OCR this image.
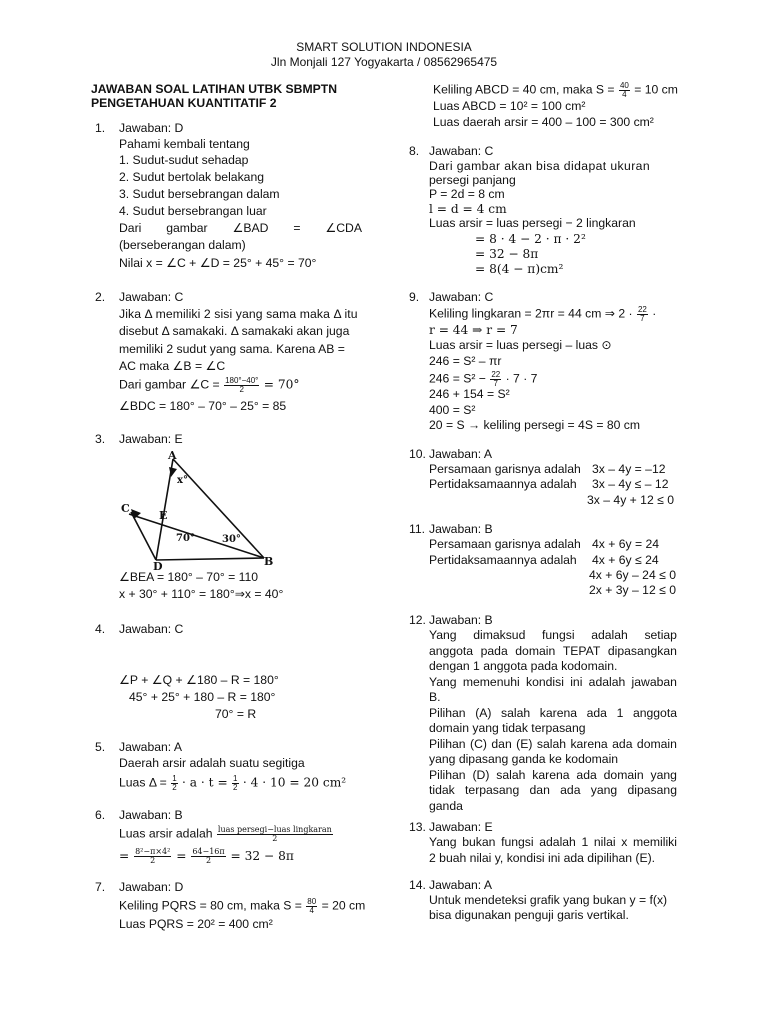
SMART SOLUTION INDONESIA
Jln Monjali 127 Yogyakarta / 08562965475
JAWABAN SOAL LATIHAN UTBK SBMPTN
PENGETAHUAN KUANTITATIF 2
1. Jawaban: D
Pahami kembali tentang
1. Sudut-sudut sehadap
2. Sudut bertolak belakang
3. Sudut bersebrangan dalam
4. Sudut bersebrangan luar
Dari gambar ∠BAD = ∠CDA
(berseberangan dalam)
Nilai x = ∠C + ∠D = 25° + 45° = 70°
2. Jawaban: C
Jika Δ memiliki 2 sisi yang sama maka Δ itu
disebut Δ samakaki. Δ samakaki akan juga
memiliki 2 sudut yang sama. Karena AB =
AC maka ∠B = ∠C
Dari gambar ∠C = $\frac{180^\circ-40^\circ}{2} = 70^\circ$
∠BDC = 180° – 70° – 25° = 85
3. Jawaban: E
A
B
C
D
E
x°
70°	30°
∠BEA = 180° – 70° = 110
x + 30° + 110° = 180°⇒x = 40°
4. Jawaban: C
∠P + ∠Q + ∠180 – R = 180°
45° + 25° + 180 – R = 180°
70° = R
5. Jawaban: A
Daerah arsir adalah suatu segitiga
Luas $\Delta = \frac{1}{2} \cdot a \cdot t = \frac{1}{2} \cdot 4 \cdot 10 = 20$ cm²
6. Jawaban: B
Luas arsir adalah $\frac{\text{luas persegi−luas lingkaran}}{2}$
= $\frac{\text{8²−π×4²}}{2} = \frac{64-16\pi}{2} = 32 - 8\pi$
7. Jawaban: D
Keliling PQRS = 80 cm, maka $S = \frac{80}{4} = 20$ cm
Luas PQRS = 20² = 400 cm²
Keliling ABCD = 40 cm, maka $S = \frac{40}{4} = 10$ cm
Luas ABCD = 10² = 100 cm²
Luas daerah arsir = 400 – 100 = 300 cm²
8. Jawaban: C
Dari gambar akan bisa didapat ukuran
persegi panjang
P = 2d = 8 cm
l = d = 4 cm
Luas arsir = luas persegi − 2 lingkaran
= 8 · 4 − 2 · π · 2²
= 32 − 8π
= 8(4 − π)cm²
9. Jawaban: C
Keliling lingkaran = 2πr = 44 cm ⇒ $2 \cdot \frac{22}{7}$ ·
r = 44 ⇒ r = 7
Luas arsir = luas persegi – luas ⊙
246 = S² – πr
$246 = S^2 - \frac{22}{7} \cdot 7 \cdot 7$
246 + 154 = S²
400 = S²
20 = S → keliling persegi = 4S = 80 cm
10. Jawaban: A
Persamaan garisnya adalah 3x – 4y = –12
Pertidaksamaannya adalah 3x – 4y ≤ – 12
3x – 4y + 12 ≤ 0
11. Jawaban: B
Persamaan garisnya adalah 4x + 6y = 24
Pertidaksamaannya adalah 4x + 6y ≤ 24
4x + 6y – 24 ≤ 0
2x + 3y – 12 ≤ 0
12. Jawaban: B
Yang dimaksud fungsi adalah setiap
anggota pada domain TEPAT dipasangkan
dengan 1 anggota pada kodomain.
Yang memenuhi kondisi ini adalah jawaban
B.
Pilihan (A) salah karena ada 1 anggota
domain yang tidak terpasang
Pilihan (C) dan (E) salah karena ada domain
yang dipasang ganda ke kodomain
Pilihan (D) salah karena ada domain yang
tidak terpasang dan ada yang dipasang
ganda
13. Jawaban: E
Yang bukan fungsi adalah 1 nilai x memiliki
2 buah nilai y, kondisi ini ada dipilihan (E).
14. Jawaban: A
Untuk mendeteksi grafik yang bukan y = f(x)
bisa digunakan penguji garis vertikal.
